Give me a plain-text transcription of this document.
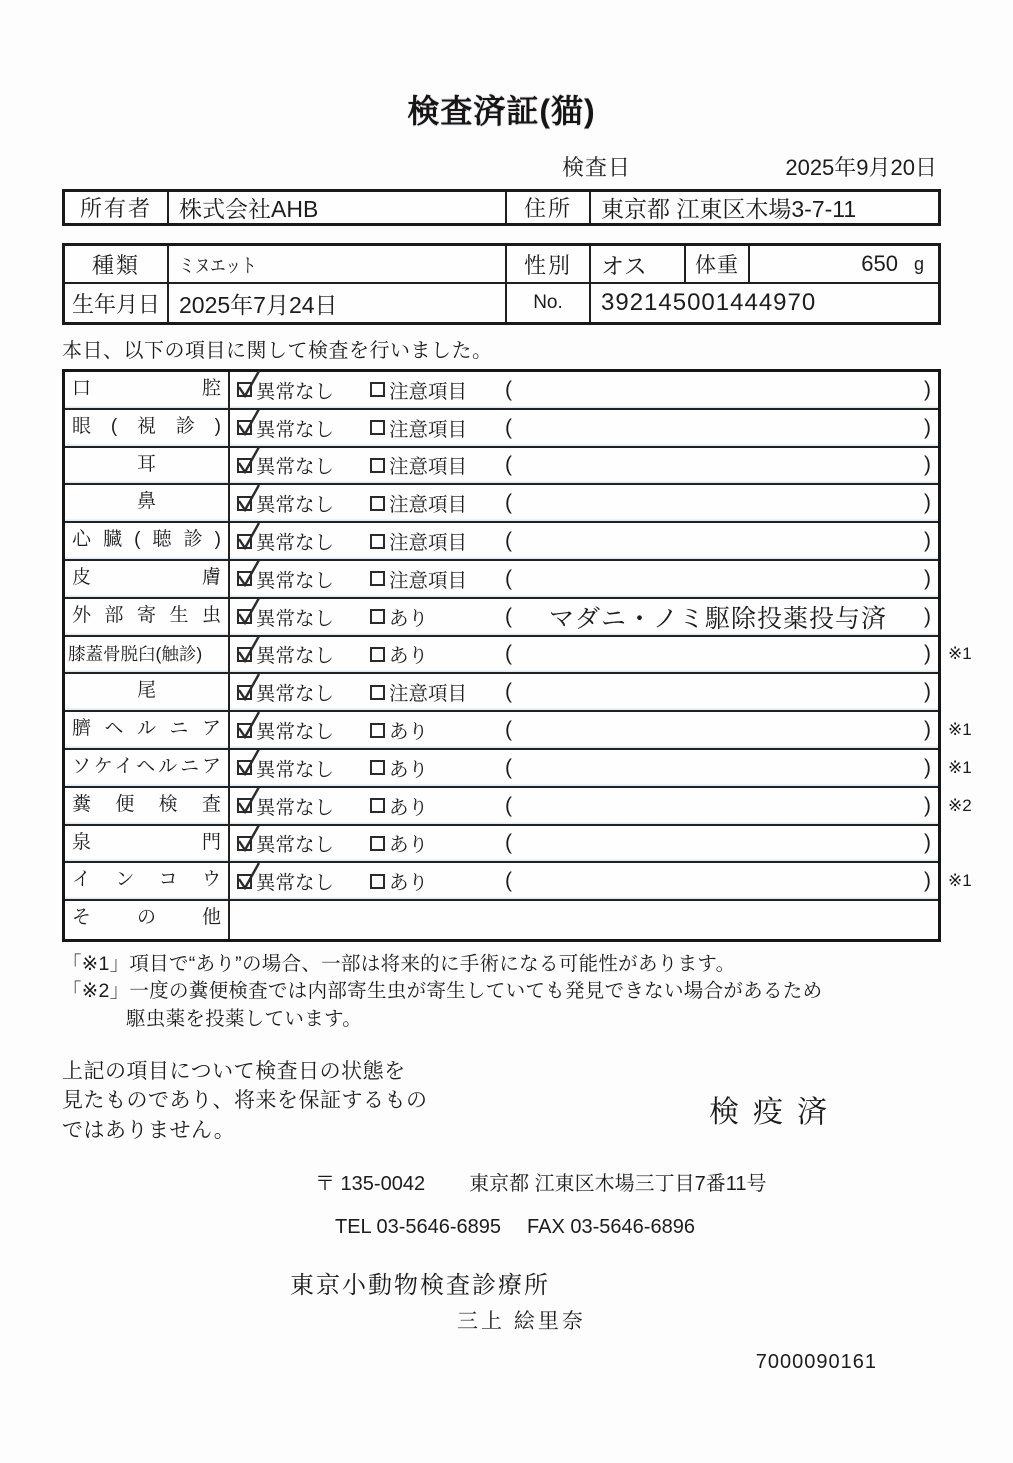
検査済証(猫)
検査日	2025年9月20日
所有者	株式会社AHB	住所	東京都 江東区木場3-7-11
種類	ミヌエット	性別	オス	体重	650 g
生年月日 2025年7月24日	No.	392145001444970
本日、以下の項目に関して検査を行いました。
口腔	異常なし	注意項目 (	)
眼(視診)	異常なし	注意項目 (	)
耳	異常なし	注意項目 (	)
鼻	異常なし	注意項目 (	)
心臓(聴診)	異常なし	注意項目 (	)
皮膚	異常なし	注意項目 (	)
外部寄生虫	異常なし	あり	(	マダニ・ノミ駆除投薬投与済	)
膝蓋骨脱臼(触診)	異常なし	あり	(	)	※1
尾	異常なし	注意項目 (	)
臍ヘルニア	異常なし	あり	(	)	※1
ソケイヘルニア	異常なし	あり	(	)	※1
糞便検査	異常なし	あり	(	)	※2
泉門	異常なし	あり	(	)
インコウ	異常なし	あり	(	)	※1
その他
「※1」項目で“あり”の場合、一部は将来的に手術になる可能性があります。
「※2」一度の糞便検査では内部寄生虫が寄生していても発見できない場合があるため
駆虫薬を投薬しています。
上記の項目について検査日の状態を
見たものであり、将来を保証するもの
ではありません。
検疫済
〒 135-0042 東京都 江東区木場三丁目7番11号
TEL 03-5646-6895 FAX 03-5646-6896
東京小動物検査診療所
三上 絵里奈
7000090161
